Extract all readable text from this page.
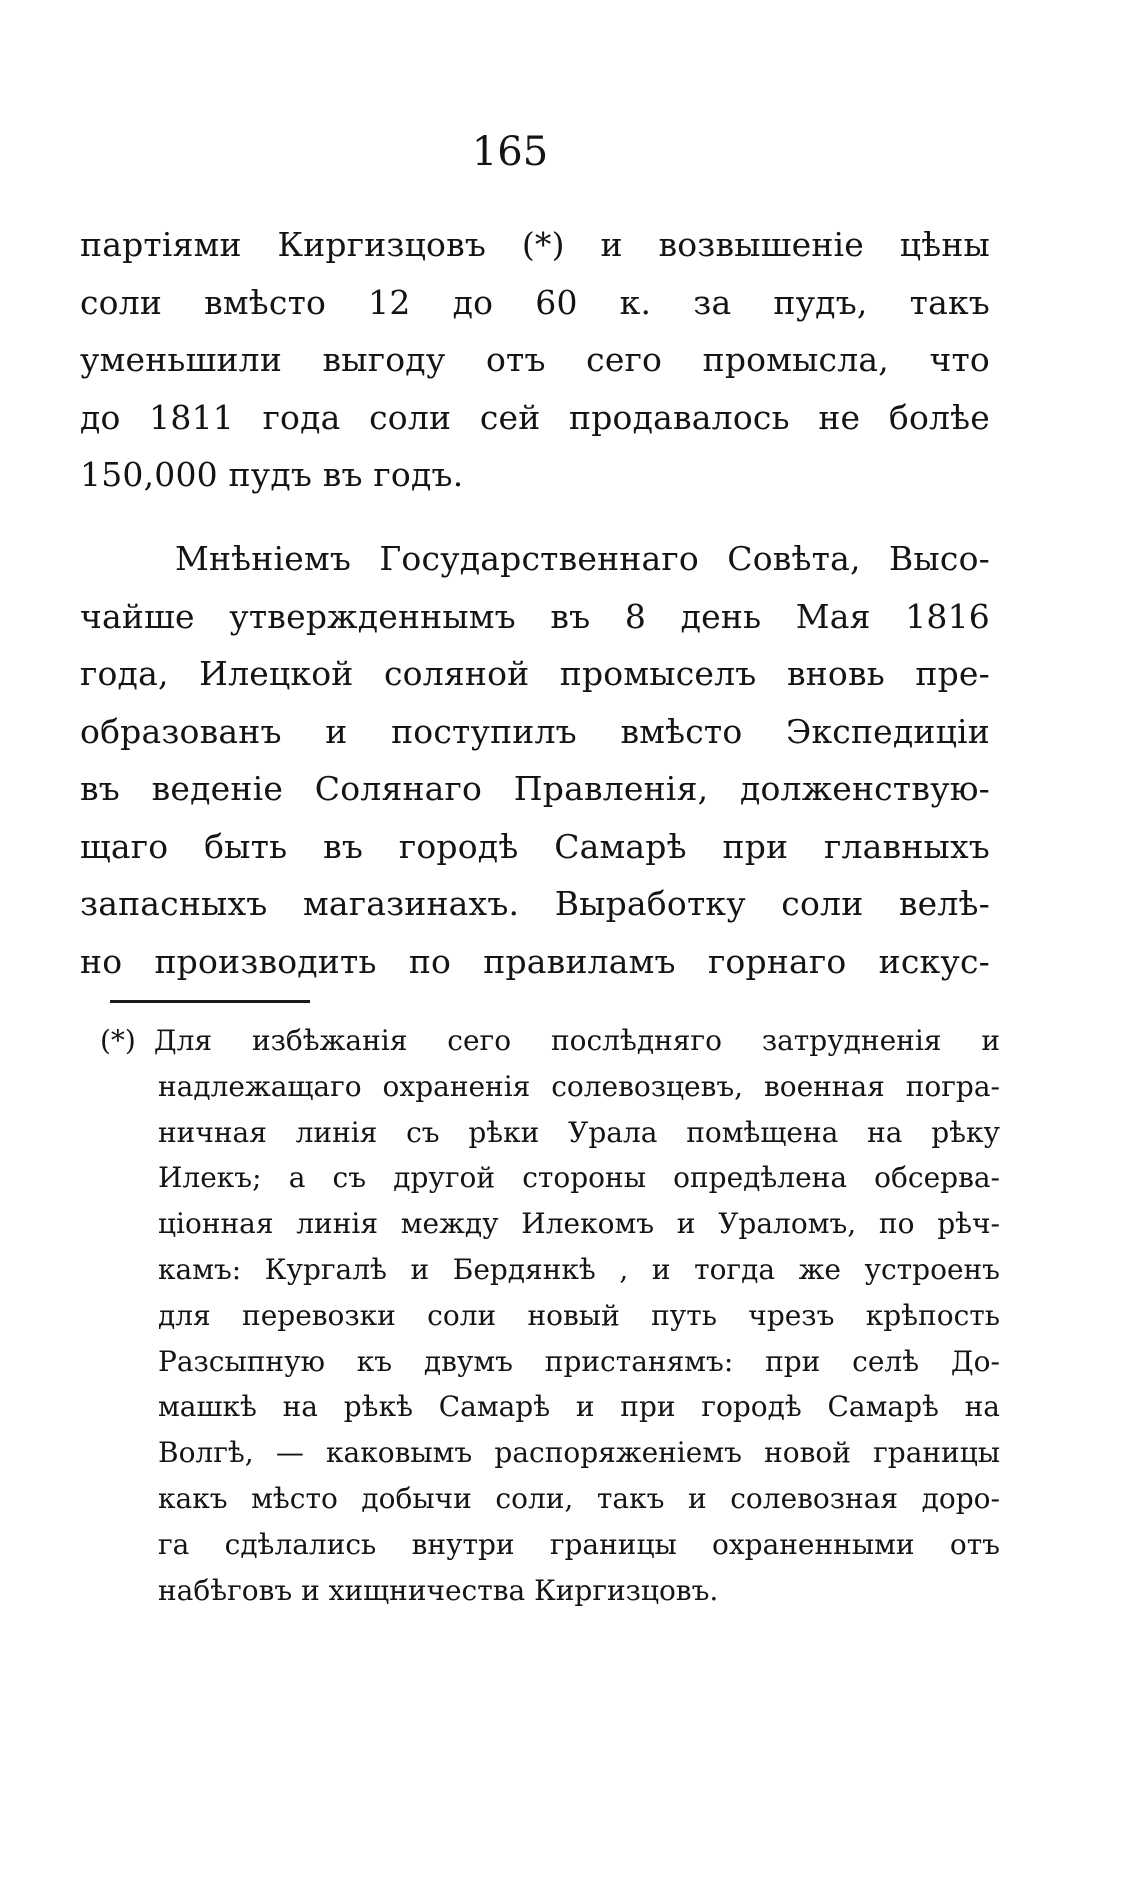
165
партіями Киргизцовъ (*) и возвышеніе цѣны
соли вмѣсто 12 до 60 к. за пудъ, такъ
уменьшили выгоду отъ сего промысла, что
до 1811 года соли сей продавалось не болѣе
150,000 пудъ въ годъ.
Мнѣніемъ Государственнаго Совѣта, Высо-
чайше утвержденнымъ въ 8 день Мая 1816
года, Илецкой соляной промыселъ вновь пре-
образованъ и поступилъ вмѣсто Экспедиціи
въ веденіе Солянаго Правленія, долженствую-
щаго быть въ городѣ Самарѣ при главныхъ
запасныхъ магазинахъ. Выработку соли велѣ-
но производить по правиламъ горнаго искус-
(*) Для избѣжанія сего послѣдняго затрудненія и
надлежащаго охраненія солевозцевъ, военная погра-
ничная линія съ рѣки Урала помѣщена на рѣку
Илекъ; а съ другой стороны опредѣлена обсерва-
ціонная линія между Илекомъ и Ураломъ, по рѣч-
камъ: Кургалѣ и Бердянкѣ , и тогда же устроенъ
для перевозки соли новый путь чрезъ крѣпость
Разсыпную къ двумъ пристанямъ: при селѣ До-
машкѣ на рѣкѣ Самарѣ и при городѣ Самарѣ на
Волгѣ, — каковымъ распоряженіемъ новой границы
какъ мѣсто добычи соли, такъ и солевозная доро-
га сдѣлались внутри границы охраненными отъ
набѣговъ и хищничества Киргизцовъ.
